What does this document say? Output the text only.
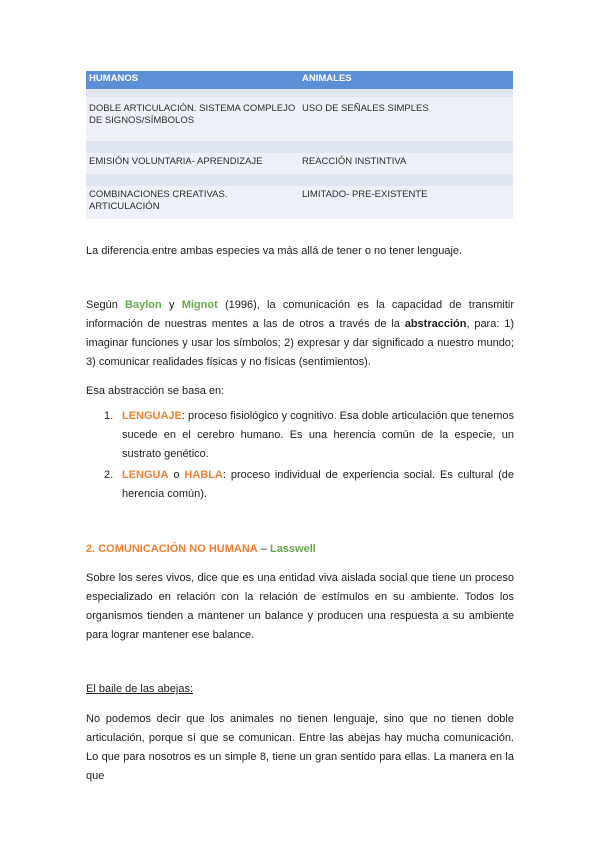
HUMANOS	ANIMALES

DOBLE ARTICULACIÓN. SISTEMA COMPLEJO DE SIGNOS/SÍMBOLOS	USO DE SEÑALES SIMPLES

EMISIÓN VOLUNTARIA- APRENDIZAJE	REACCIÓN INSTINTIVA

COMBINACIONES CREATIVAS. ARTICULACIÓN	LIMITADO- PRE-EXISTENTE

La diferencia entre ambas especies va más allá de tener o no tener lenguaje.

Según Baylon y Mignot (1996), la comunicación es la capacidad de transmitir información de nuestras mentes a las de otros a través de la abstracción, para: 1) imaginar funciones y usar los símbolos; 2) expresar y dar significado a nuestro mundo; 3) comunicar realidades físicas y no físicas (sentimientos).

Esa abstracción se basa en:

1. LENGUAJE: proceso fisiológico y cognitivo. Esa doble articulación que tenemos sucede en el cerebro humano. Es una herencia común de la especie, un sustrato genético.
2. LENGUA o HABLA: proceso individual de experiencia social. Es cultural (de herencia común).

2. COMUNICACIÓN NO HUMANA – Lasswell

Sobre los seres vivos, dice que es una entidad viva aislada social que tiene un proceso especializado en relación con la relación de estímulos en su ambiente. Todos los organismos tienden a mantener un balance y producen una respuesta a su ambiente para lograr mantener ese balance.

El baile de las abejas:

No podemos decir que los animales no tienen lenguaje, sino que no tienen doble articulación, porque sí que se comunican. Entre las abejas hay mucha comunicación. Lo que para nosotros es un simple 8, tiene un gran sentido para ellas. La manera en la que
